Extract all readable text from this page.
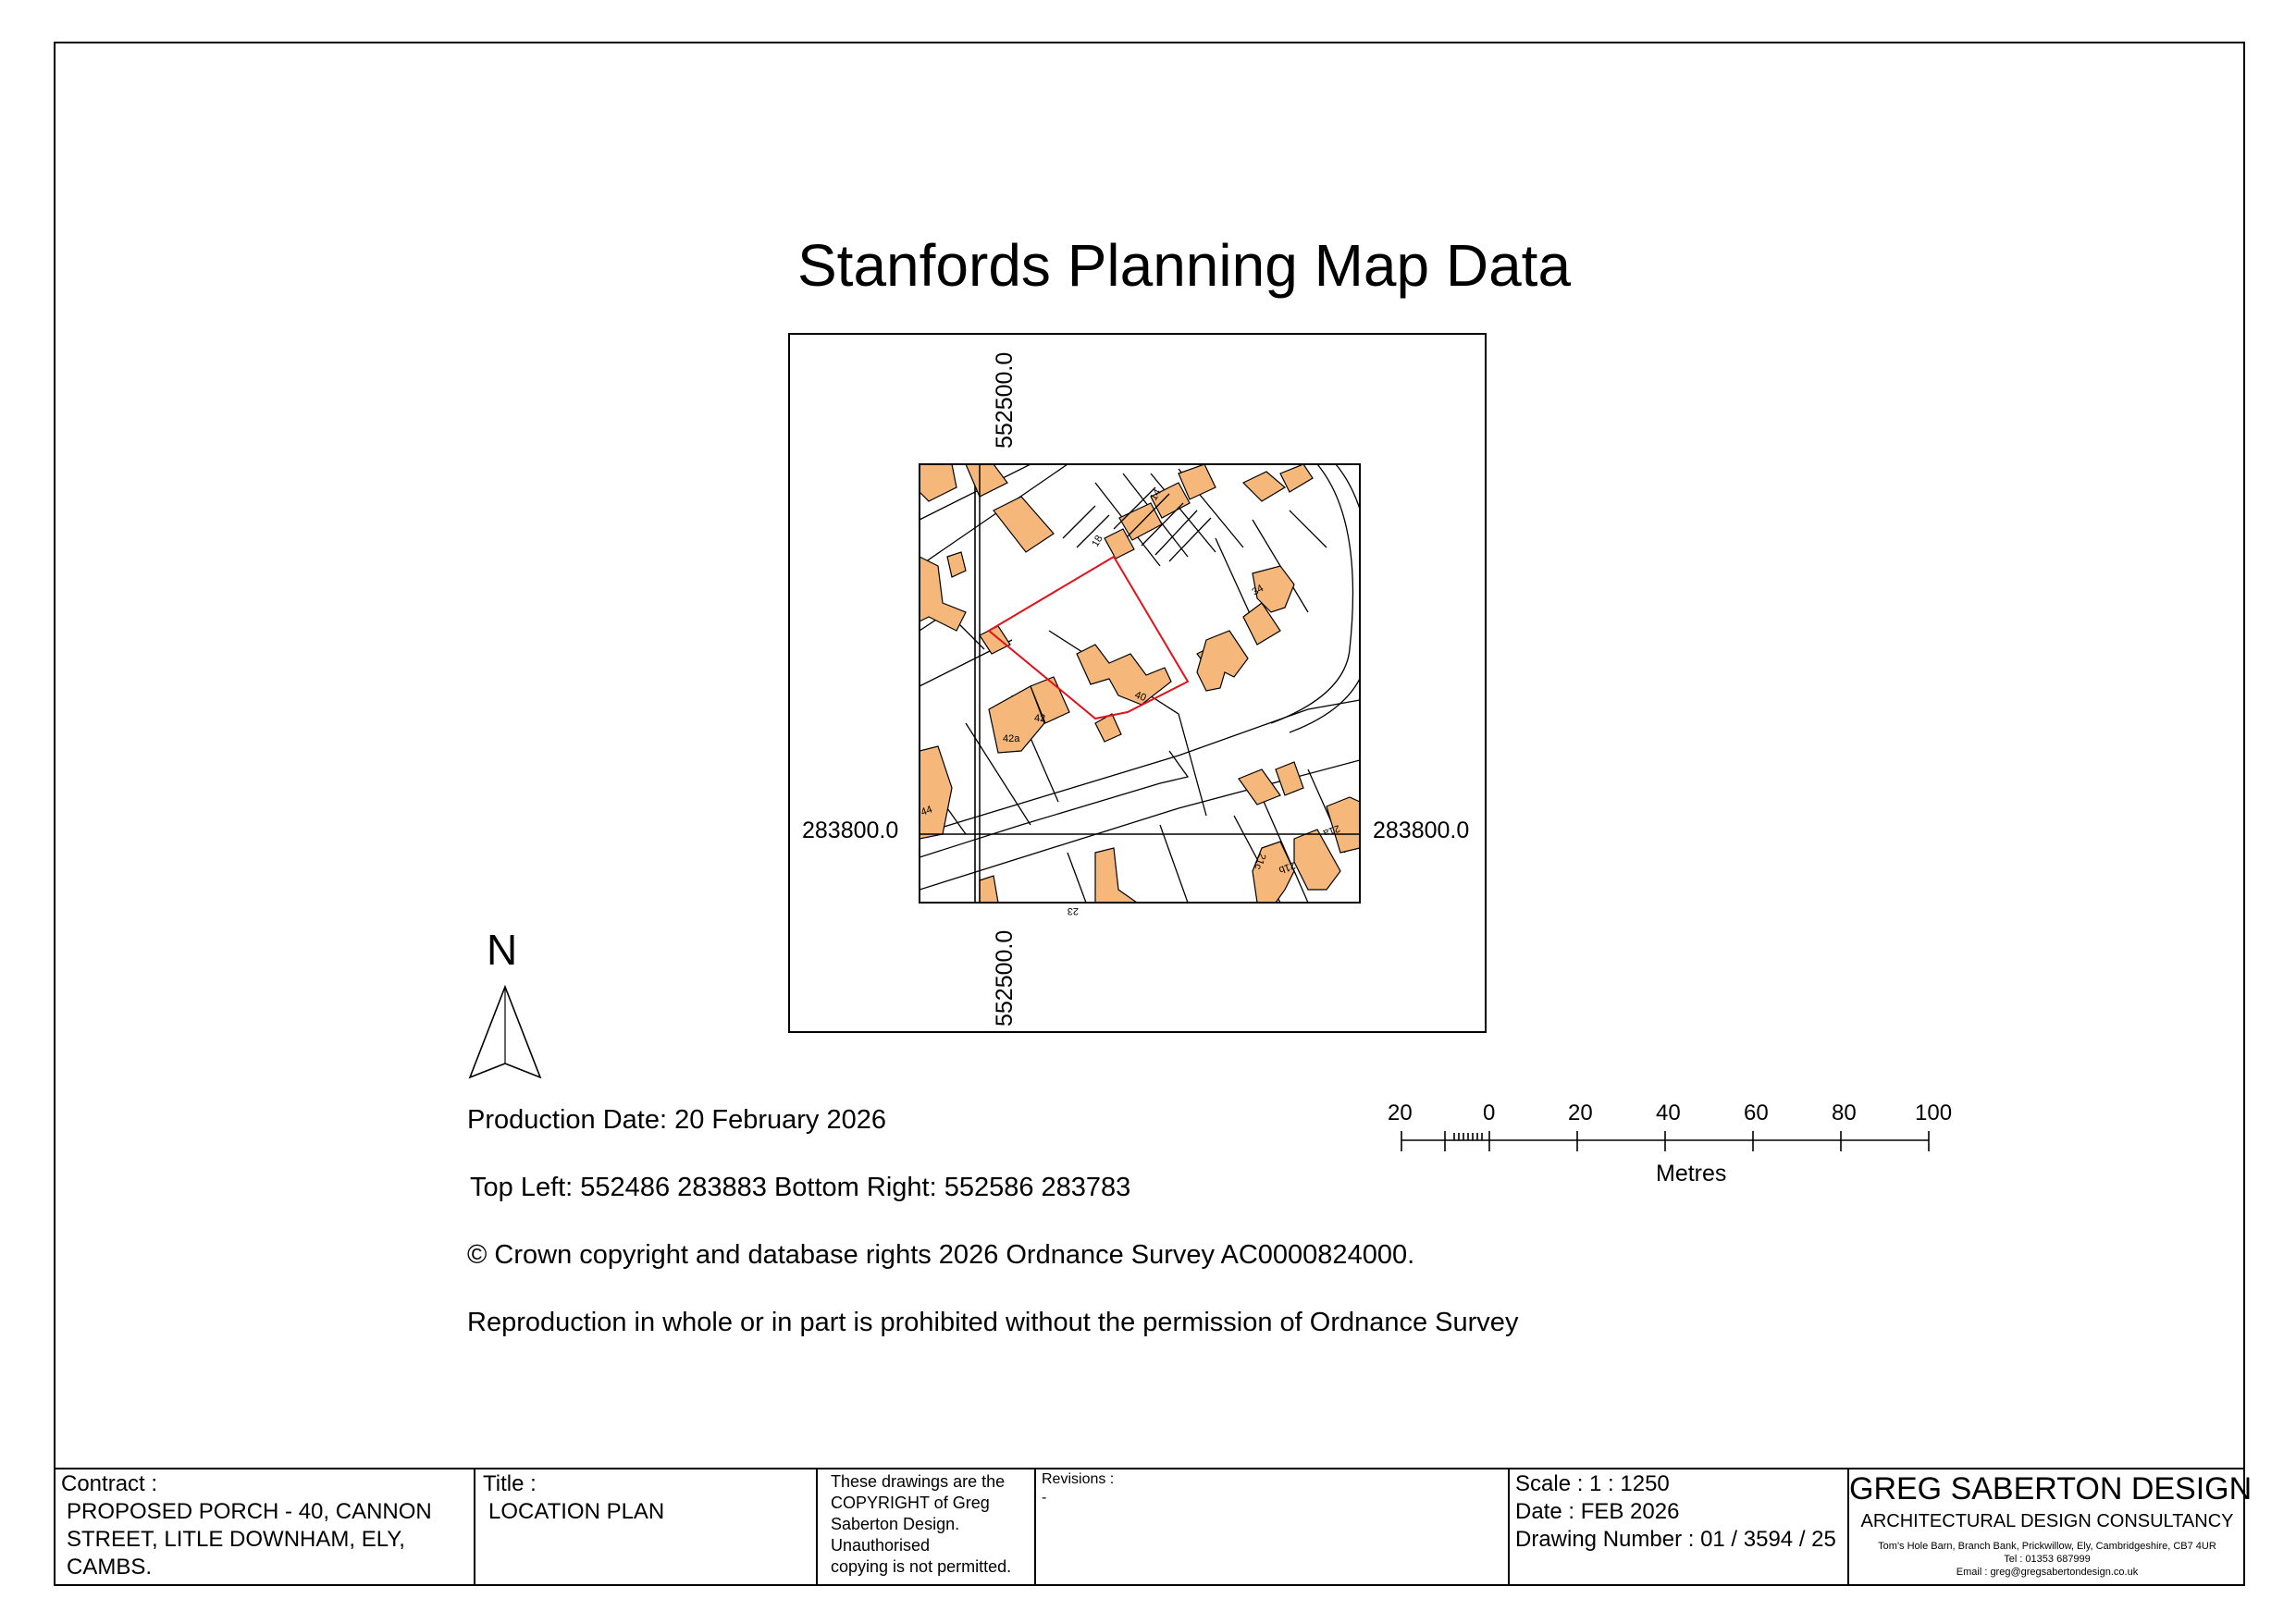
Stanfords Planning Map Data
42a
42
40
34
44
21a
21b
21c
23
18
14
552500.0
552500.0
283800.0	283800.0
N
Production Date: 20 February 2026
Top Left: 552486 283883 Bottom Right: 552586 283783
© Crown copyright and database rights 2026 Ordnance Survey AC0000824000.
Reproduction in whole or in part is prohibited without the permission of Ordnance Survey
20	0	20	40	60	80	100
Metres
Contract :
PROPOSED PORCH - 40, CANNON
STREET, LITLE DOWNHAM, ELY,
CAMBS.
Title :
LOCATION PLAN
These drawings are the
COPYRIGHT of Greg
Saberton Design.
Unauthorised
copying is not permitted.
Revisions :
-
Scale : 1 : 1250
Date : FEB 2026
Drawing Number : 01 / 3594 / 25
GREG SABERTON DESIGN
ARCHITECTURAL DESIGN CONSULTANCY
Tom's Hole Barn, Branch Bank, Prickwillow, Ely, Cambridgeshire, CB7 4UR
Tel : 01353 687999
Email : greg@gregsabertondesign.co.uk
